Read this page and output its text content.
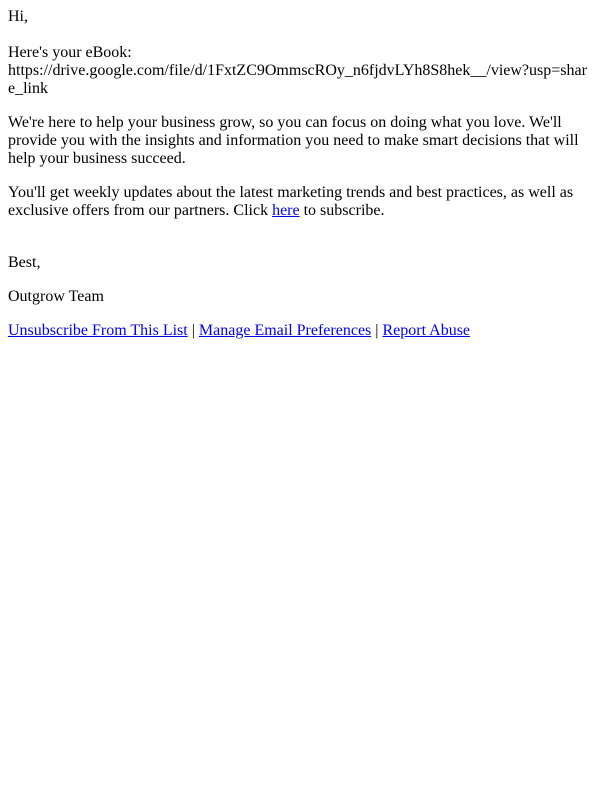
Hi,

Here's your eBook:
https://drive.google.com/file/d/1FxtZC9OmmscROy_n6fjdvLYh8S8hek__/view?usp=share_link

We're here to help your business grow, so you can focus on doing what you love. We'll provide you with the insights and information you need to make smart decisions that will help your business succeed.

You'll get weekly updates about the latest marketing trends and best practices, as well as exclusive offers from our partners. Click here to subscribe.

Best,

Outgrow Team

Unsubscribe From This List | Manage Email Preferences | Report Abuse
